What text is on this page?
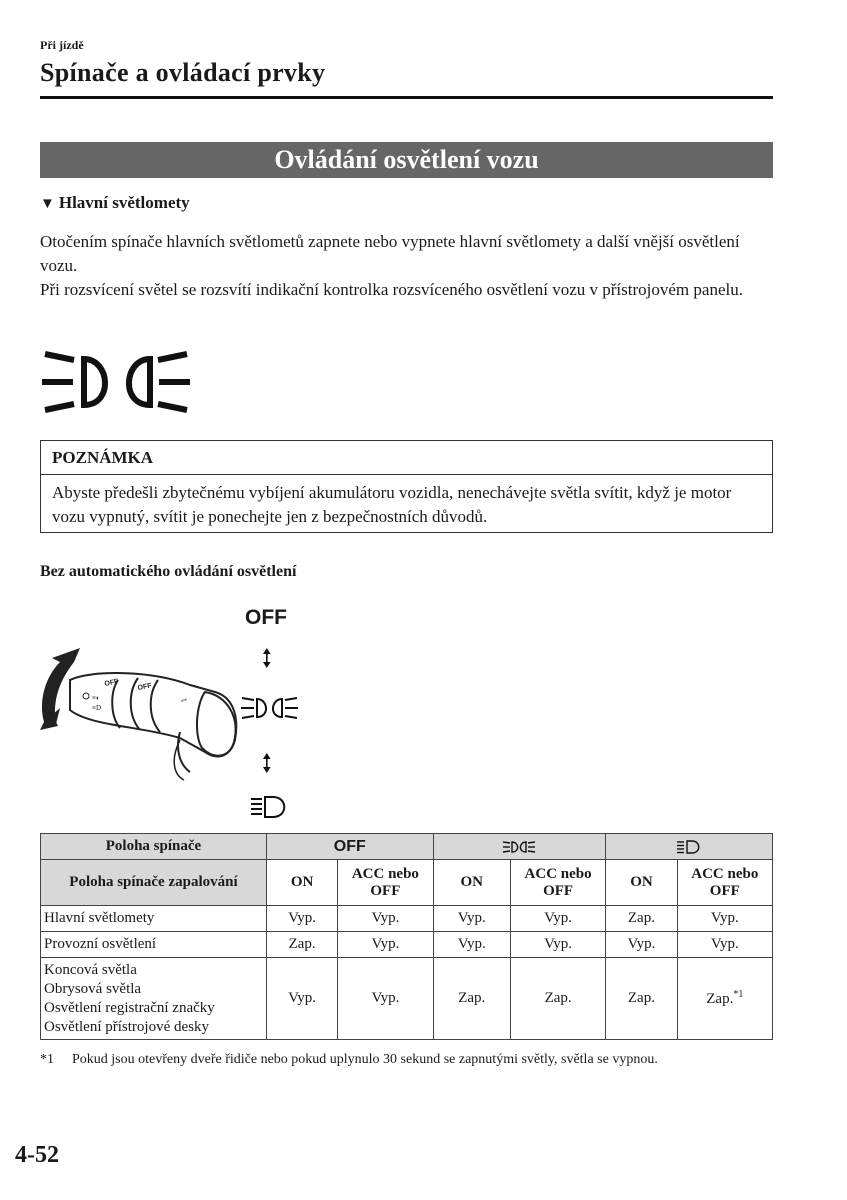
Při jízdě
Spínače a ovládací prvky
Ovládání osvětlení vozu
▼ Hlavní světlomety
Otočením spínače hlavních světlometů zapnete nebo vypnete hlavní světlomety a další vnější osvětlení vozu.
Při rozsvícení světel se rozsvítí indikační kontrolka rozsvíceného osvětlení vozu v přístrojovém panelu.
POZNÁMKA
Abyste předešli zbytečnému vybíjení akumulátoru vozidla, nenechávejte světla svítit, když je motor vozu vypnutý, svítit je ponechejte jen z bezpečnostních důvodů.
Bez automatického ovládání osvětlení
OFF
OFF	OFF
≡◐
≡D
⇔
Poloha spínače	OFF		
Poloha spínače zapalování	ON	ACC nebo OFF	ON	ACC nebo OFF	ON	ACC nebo OFF
Hlavní světlomety	Vyp.	Vyp.	Vyp.	Vyp.	Zap.	Vyp.
Provozní osvětlení	Zap.	Vyp.	Vyp.	Vyp.	Vyp.	Vyp.
Koncová světla
Obrysová světla
Osvětlení registrační značky
Osvětlení přístrojové desky	Vyp.	Vyp.	Zap.	Zap.	Zap.	Zap.$^{*1}$
*1 Pokud jsou otevřeny dveře řidiče nebo pokud uplynulo 30 sekund se zapnutými světly, světla se vypnou.
4-52
